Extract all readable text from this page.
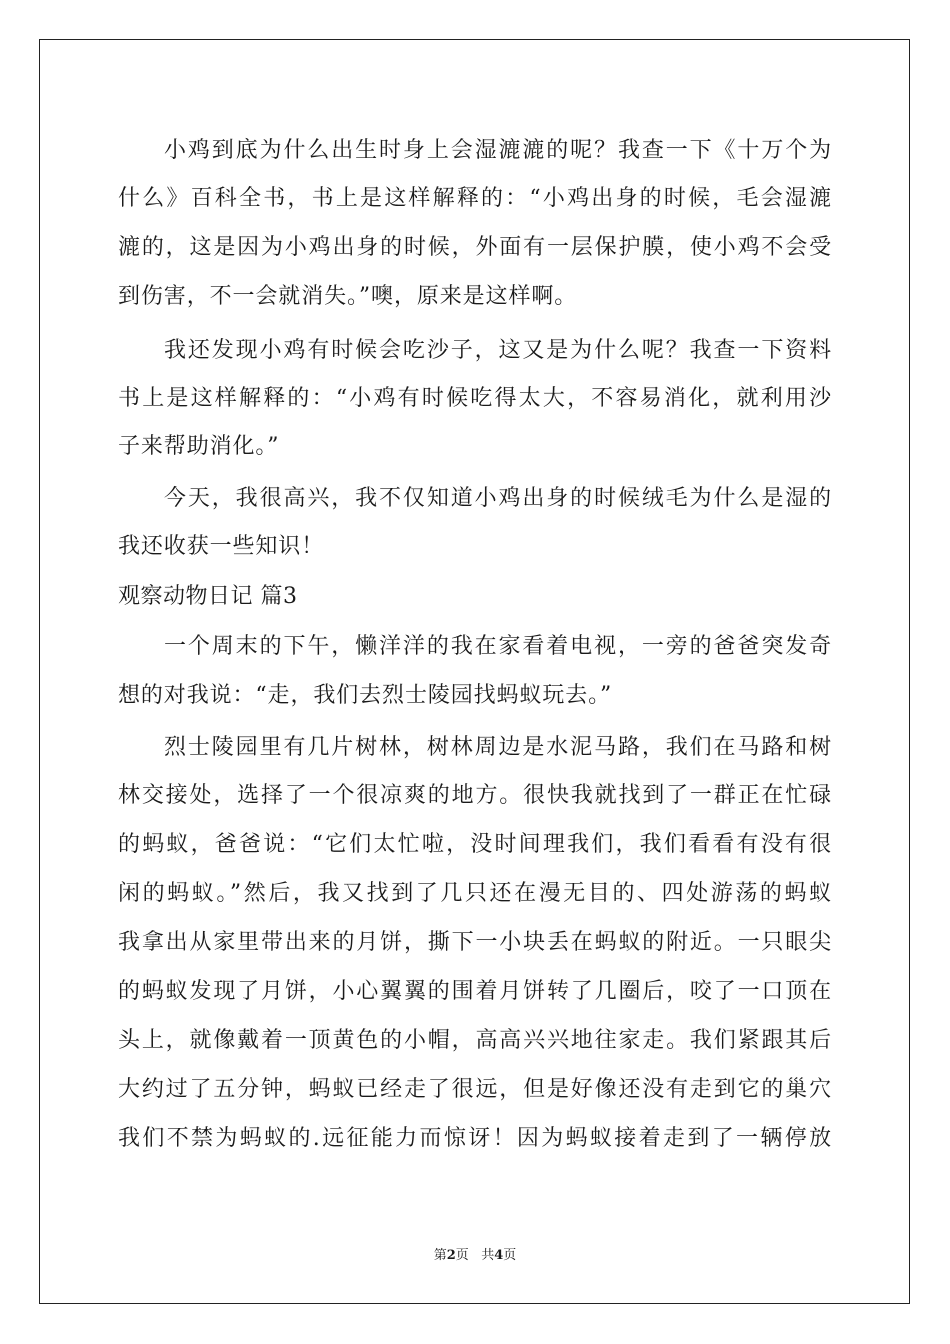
小鸡到底为什么出生时身上会湿漉漉的呢？我查一下《十万个为
什么》百科全书，书上是这样解释的：“小鸡出身的时候，毛会湿漉
漉的，这是因为小鸡出身的时候，外面有一层保护膜，使小鸡不会受
到伤害，不一会就消失。”噢，原来是这样啊。
我还发现小鸡有时候会吃沙子，这又是为什么呢？我查一下资料
书上是这样解释的：“小鸡有时候吃得太大，不容易消化，就利用沙
子来帮助消化。”
今天，我很高兴，我不仅知道小鸡出身的时候绒毛为什么是湿的
我还收获一些知识！
观察动物日记 篇3
一个周末的下午，懒洋洋的我在家看着电视，一旁的爸爸突发奇
想的对我说：“走，我们去烈士陵园找蚂蚁玩去。”
烈士陵园里有几片树林，树林周边是水泥马路，我们在马路和树
林交接处，选择了一个很凉爽的地方。很快我就找到了一群正在忙碌
的蚂蚁，爸爸说：“它们太忙啦，没时间理我们，我们看看有没有很
闲的蚂蚁。”然后，我又找到了几只还在漫无目的、四处游荡的蚂蚁
我拿出从家里带出来的月饼，撕下一小块丢在蚂蚁的附近。一只眼尖
的蚂蚁发现了月饼，小心翼翼的围着月饼转了几圈后，咬了一口顶在
头上，就像戴着一顶黄色的小帽，高高兴兴地往家走。我们紧跟其后
大约过了五分钟，蚂蚁已经走了很远，但是好像还没有走到它的巢穴
我们不禁为蚂蚁的.远征能力而惊讶！因为蚂蚁接着走到了一辆停放
第2页   共4页
